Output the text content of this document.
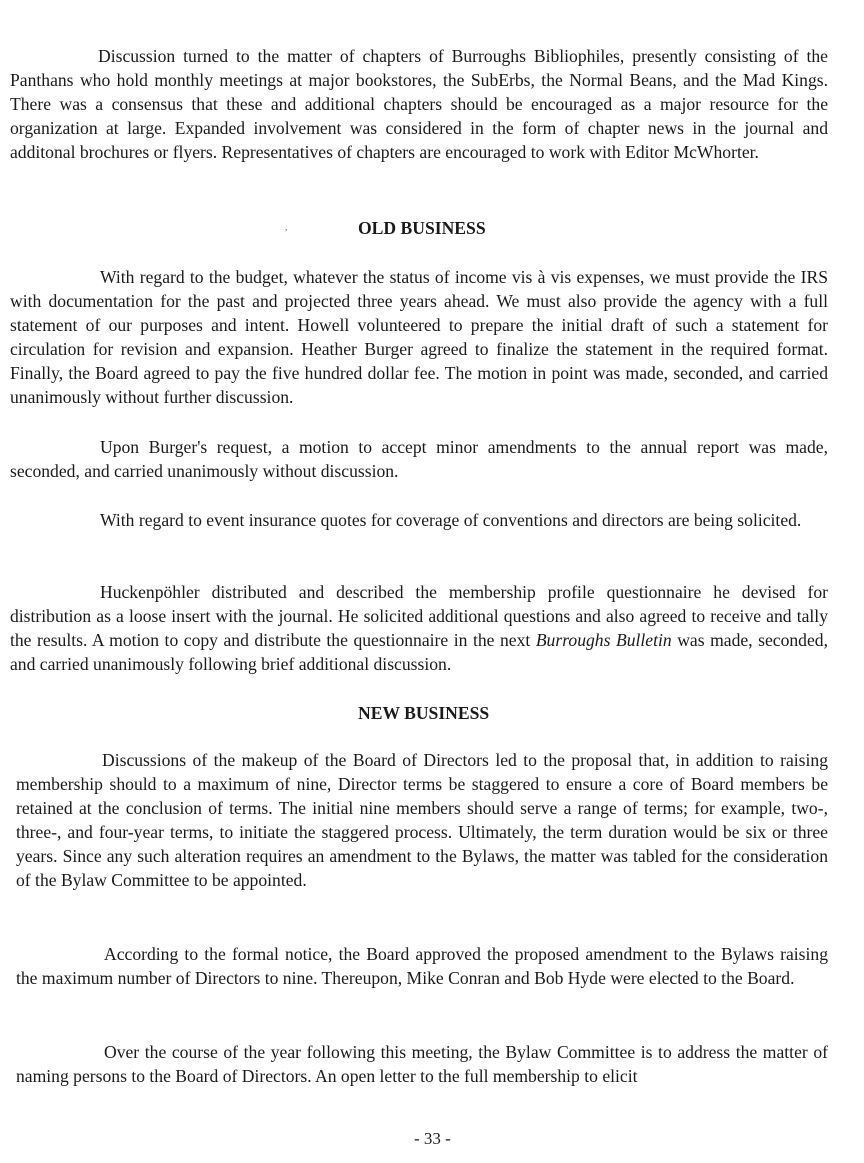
Discussion turned to the matter of chapters of Burroughs Bibliophiles, presently consisting of the Panthans who hold monthly meetings at major bookstores, the SubErbs, the Normal Beans, and the Mad Kings. There was a consensus that these and additional chapters should be encouraged as a major resource for the organization at large. Expanded involvement was considered in the form of chapter news in the journal and additonal brochures or flyers. Representatives of chapters are encouraged to work with Editor McWhorter.

,	OLD BUSINESS

With regard to the budget, whatever the status of income vis à vis expenses, we must provide the IRS with documentation for the past and projected three years ahead. We must also provide the agency with a full statement of our purposes and intent. Howell volunteered to prepare the initial draft of such a statement for circulation for revision and expansion. Heather Burger agreed to finalize the statement in the required format. Finally, the Board agreed to pay the five hundred dollar fee. The motion in point was made, seconded, and carried unanimously without further discussion.

Upon Burger's request, a motion to accept minor amendments to the annual report was made, seconded, and carried unanimously without discussion.

With regard to event insurance quotes for coverage of conventions and directors are being solicited.

Huckenpöhler distributed and described the membership profile questionnaire he devised for distribution as a loose insert with the journal. He solicited additional questions and also agreed to receive and tally the results. A motion to copy and distribute the questionnaire in the next Burroughs Bulletin was made, seconded, and carried unanimously following brief additional discussion.

NEW BUSINESS

Discussions of the makeup of the Board of Directors led to the proposal that, in addition to raising membership should to a maximum of nine, Director terms be staggered to ensure a core of Board members be retained at the conclusion of terms. The initial nine members should serve a range of terms; for example, two-, three-, and four-year terms, to initiate the staggered process. Ultimately, the term duration would be six or three years. Since any such alteration requires an amendment to the Bylaws, the matter was tabled for the consideration of the Bylaw Committee to be appointed.

According to the formal notice, the Board approved the proposed amendment to the Bylaws raising the maximum number of Directors to nine. Thereupon, Mike Conran and Bob Hyde were elected to the Board.

Over the course of the year following this meeting, the Bylaw Committee is to address the matter of naming persons to the Board of Directors. An open letter to the full membership to elicit

- 33 -
